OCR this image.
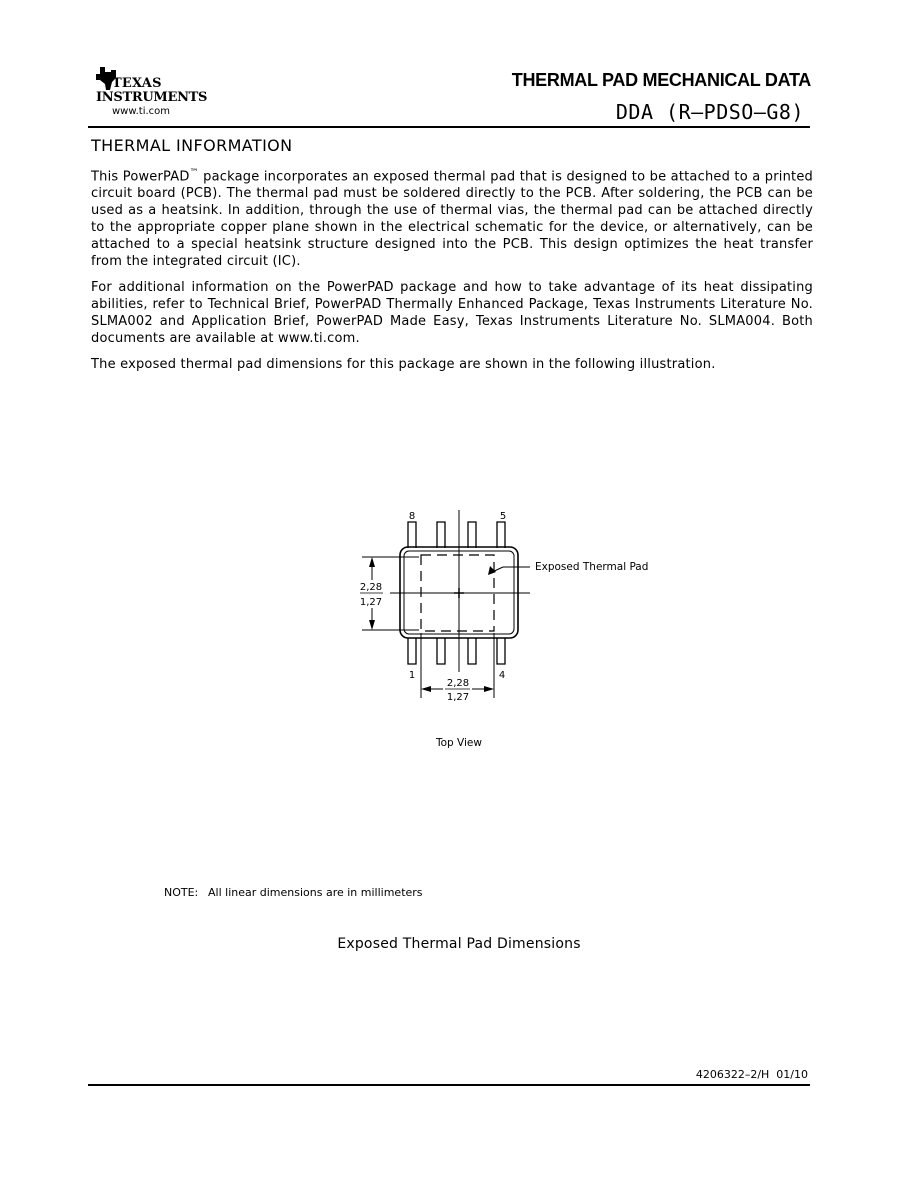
TEXAS
INSTRUMENTS
www.ti.com
THERMAL PAD MECHANICAL DATA
DDA (R–PDSO–G8)
THERMAL INFORMATION

This PowerPAD™ package incorporates an exposed thermal pad that is designed to be attached to a printed circuit board (PCB). The thermal pad must be soldered directly to the PCB. After soldering, the PCB can be used as a heatsink. In addition, through the use of thermal vias, the thermal pad can be attached directly to the appropriate copper plane shown in the electrical schematic for the device, or alternatively, can be attached to a special heatsink structure designed into the PCB. This design optimizes the heat transfer from the integrated circuit (IC).

For additional information on the PowerPAD package and how to take advantage of its heat dissipating abilities, refer to Technical Brief, PowerPAD Thermally Enhanced Package, Texas Instruments Literature No. SLMA002 and Application Brief, PowerPAD Made Easy, Texas Instruments Literature No. SLMA004. Both documents are available at www.ti.com.

The exposed thermal pad dimensions for this package are shown in the following illustration.

2,28
1,27
2,28
1,27
8	5
1	4
Exposed Thermal Pad
Top View
NOTE: All linear dimensions are in millimeters
Exposed Thermal Pad Dimensions
4206322–2/H  01/10
